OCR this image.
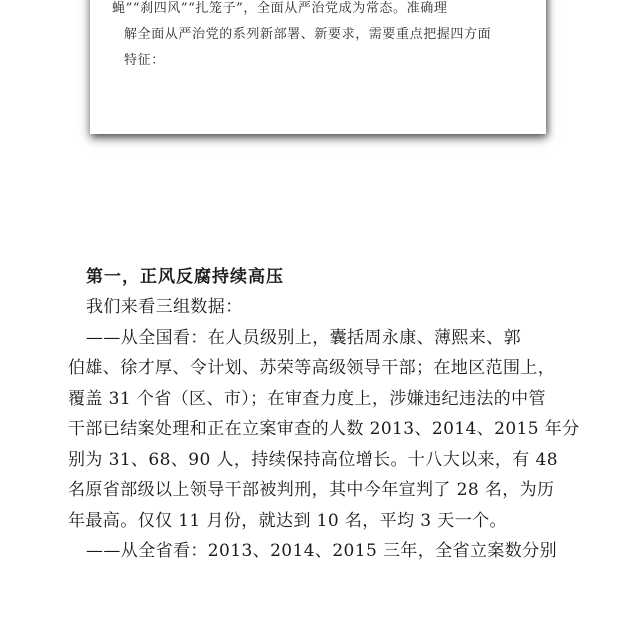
蝇”“刹四风”“扎笼子”，全面从严治党成为常态。准确理
解全面从严治党的系列新部署、新要求，需要重点把握四方面
特征：
第一，正风反腐持续高压
我们来看三组数据：
——从全国看：在人员级别上，囊括周永康、薄熙来、郭
伯雄、徐才厚、令计划、苏荣等高级领导干部；在地区范围上，
覆盖 31 个省（区、市）；在审查力度上，涉嫌违纪违法的中管
干部已结案处理和正在立案审查的人数 2013、2014、2015 年分
别为 31、68、90 人，持续保持高位增长。十八大以来，有 48
名原省部级以上领导干部被判刑，其中今年宣判了 28 名，为历
年最高。仅仅 11 月份，就达到 10 名，平均 3 天一个。
——从全省看：2013、2014、2015 三年，全省立案数分别
